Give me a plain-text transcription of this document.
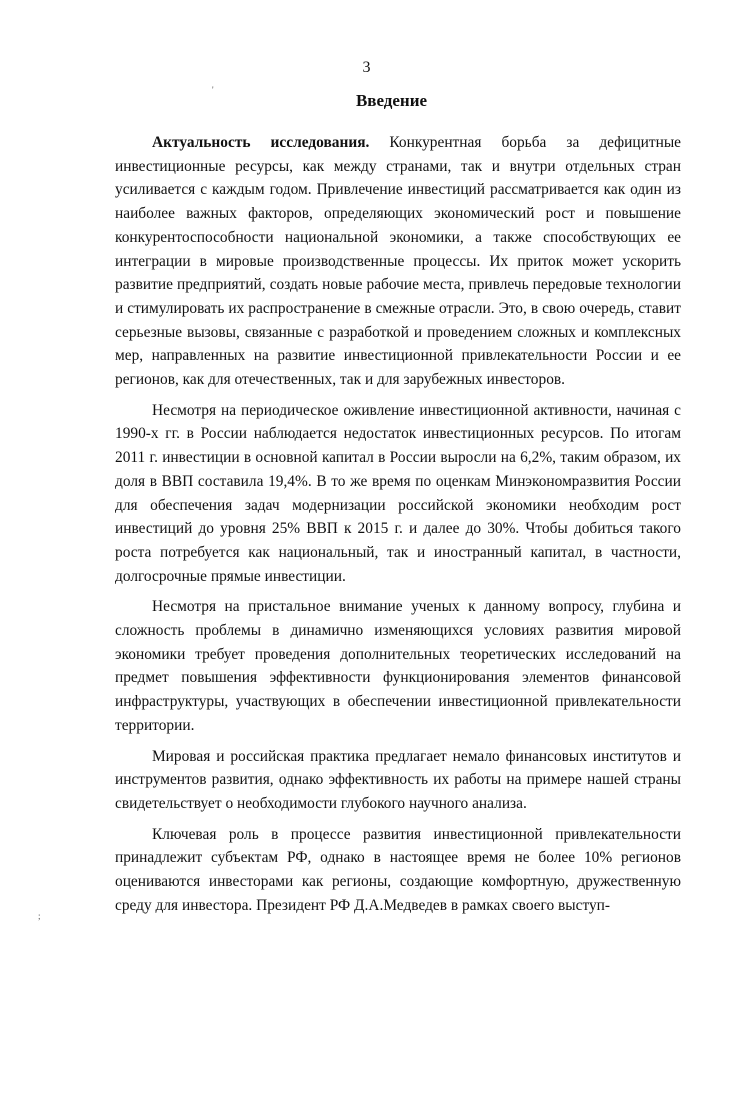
3
Введение
'
;

Актуальность исследования. Конкурентная борьба за дефицитные инвестиционные ресурсы, как между странами, так и внутри отдельных стран усиливается с каждым годом. Привлечение инвестиций рассматривается как один из наиболее важных факторов, определяющих экономический рост и повышение конкурентоспособности национальной экономики, а также способствующих ее интеграции в мировые производственные процессы. Их приток может ускорить развитие предприятий, создать новые рабочие места, привлечь передовые технологии и стимулировать их распространение в смежные отрасли. Это, в свою очередь, ставит серьезные вызовы, связанные с разработкой и проведением сложных и комплексных мер, направленных на развитие инвестиционной привлекательности России и ее регионов, как для отечественных, так и для зарубежных инвесторов.

Несмотря на периодическое оживление инвестиционной активности, начиная с 1990-х гг. в России наблюдается недостаток инвестиционных ресурсов. По итогам 2011 г. инвестиции в основной капитал в России выросли на 6,2%, таким образом, их доля в ВВП составила 19,4%. В то же время по оценкам Минэкономразвития России для обеспечения задач модернизации российской экономики необходим рост инвестиций до уровня 25% ВВП к 2015 г. и далее до 30%. Чтобы добиться такого роста потребуется как национальный, так и иностранный капитал, в частности, долгосрочные прямые инвестиции.

Несмотря на пристальное внимание ученых к данному вопросу, глубина и сложность проблемы в динамично изменяющихся условиях развития мировой экономики требует проведения дополнительных теоретических исследований на предмет повышения эффективности функционирования элементов финансовой инфраструктуры, участвующих в обеспечении инвестиционной привлекательности территории.

Мировая и российская практика предлагает немало финансовых институтов и инструментов развития, однако эффективность их работы на примере нашей страны свидетельствует о необходимости глубокого научного анализа.

Ключевая роль в процессе развития инвестиционной привлекательности принадлежит субъектам РФ, однако в настоящее время не более 10% регионов оцениваются инвесторами как регионы, создающие комфортную, дружественную среду для инвестора. Президент РФ Д.А.Медведев в рамках своего выступ-
